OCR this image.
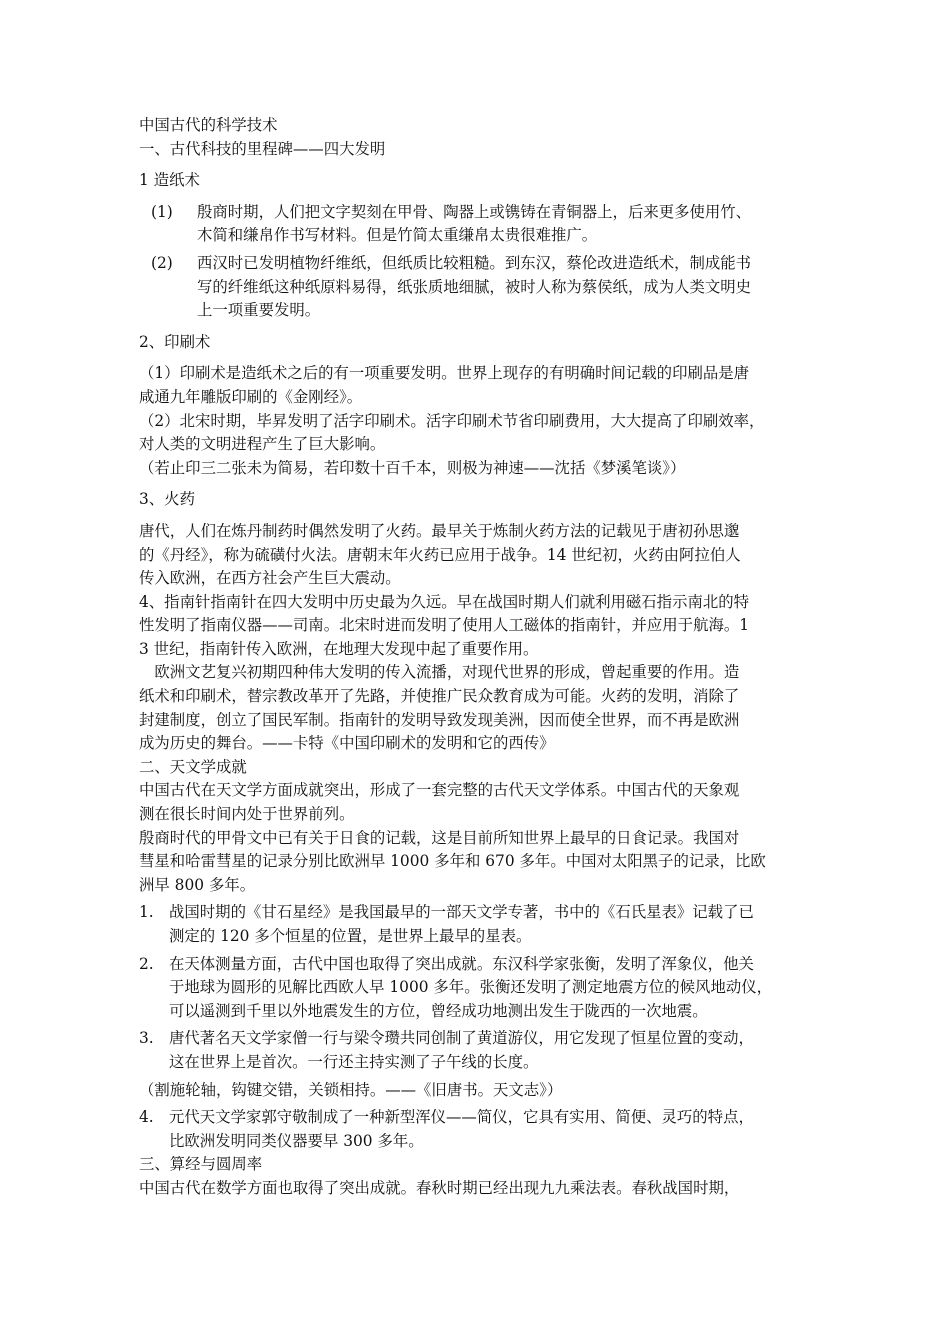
中国古代的科学技术
一、古代科技的里程碑——四大发明
1 造纸术
(1)	殷商时期，人们把文字契刻在甲骨、陶器上或镌铸在青铜器上，后来更多使用竹、
木简和缣帛作书写材料。但是竹简太重缣帛太贵很难推广。
(2)	西汉时已发明植物纤维纸，但纸质比较粗糙。到东汉，蔡伦改进造纸术，制成能书
写的纤维纸这种纸原料易得，纸张质地细腻，被时人称为蔡侯纸，成为人类文明史
上一项重要发明。
2、印刷术
（1）印刷术是造纸术之后的有一项重要发明。世界上现存的有明确时间记载的印刷品是唐
咸通九年雕版印刷的《金刚经》。
（2）北宋时期，毕昇发明了活字印刷术。活字印刷术节省印刷费用，大大提高了印刷效率，
对人类的文明进程产生了巨大影响。
（若止印三二张未为简易，若印数十百千本，则极为神速——沈括《梦溪笔谈》）
3、火药
唐代，人们在炼丹制药时偶然发明了火药。最早关于炼制火药方法的记载见于唐初孙思邈
的《丹经》，称为硫磺付火法。唐朝末年火药已应用于战争。14 世纪初，火药由阿拉伯人
传入欧洲，在西方社会产生巨大震动。
4、指南针指南针在四大发明中历史最为久远。早在战国时期人们就利用磁石指示南北的特
性发明了指南仪器——司南。北宋时进而发明了使用人工磁体的指南针，并应用于航海。1
3 世纪，指南针传入欧洲，在地理大发现中起了重要作用。
　欧洲文艺复兴初期四种伟大发明的传入流播，对现代世界的形成，曾起重要的作用。造
纸术和印刷术，替宗教改革开了先路，并使推广民众教育成为可能。火药的发明，消除了
封建制度，创立了国民军制。指南针的发明导致发现美洲，因而使全世界，而不再是欧洲
成为历史的舞台。——卡特《中国印刷术的发明和它的西传》
二、天文学成就
中国古代在天文学方面成就突出，形成了一套完整的古代天文学体系。中国古代的天象观
测在很长时间内处于世界前列。
殷商时代的甲骨文中已有关于日食的记载，这是目前所知世界上最早的日食记录。我国对
彗星和哈雷彗星的记录分别比欧洲早 1000 多年和 670 多年。中国对太阳黑子的记录，比欧
洲早 800 多年。
1. 战国时期的《甘石星经》是我国最早的一部天文学专著，书中的《石氏星表》记载了已
测定的 120 多个恒星的位置，是世界上最早的星表。
2. 在天体测量方面，古代中国也取得了突出成就。东汉科学家张衡，发明了浑象仪，他关
于地球为圆形的见解比西欧人早 1000 多年。张衡还发明了测定地震方位的候风地动仪，
可以遥测到千里以外地震发生的方位，曾经成功地测出发生于陇西的一次地震。
3. 唐代著名天文学家僧一行与梁令瓒共同创制了黄道游仪，用它发现了恒星位置的变动，
这在世界上是首次。一行还主持实测了子午线的长度。
（割施轮轴，钩键交错，关锁相持。——《旧唐书。天文志》）
4. 元代天文学家郭守敬制成了一种新型浑仪——简仪，它具有实用、简便、灵巧的特点，
比欧洲发明同类仪器要早 300 多年。
三、算经与圆周率
中国古代在数学方面也取得了突出成就。春秋时期已经出现九九乘法表。春秋战国时期，
